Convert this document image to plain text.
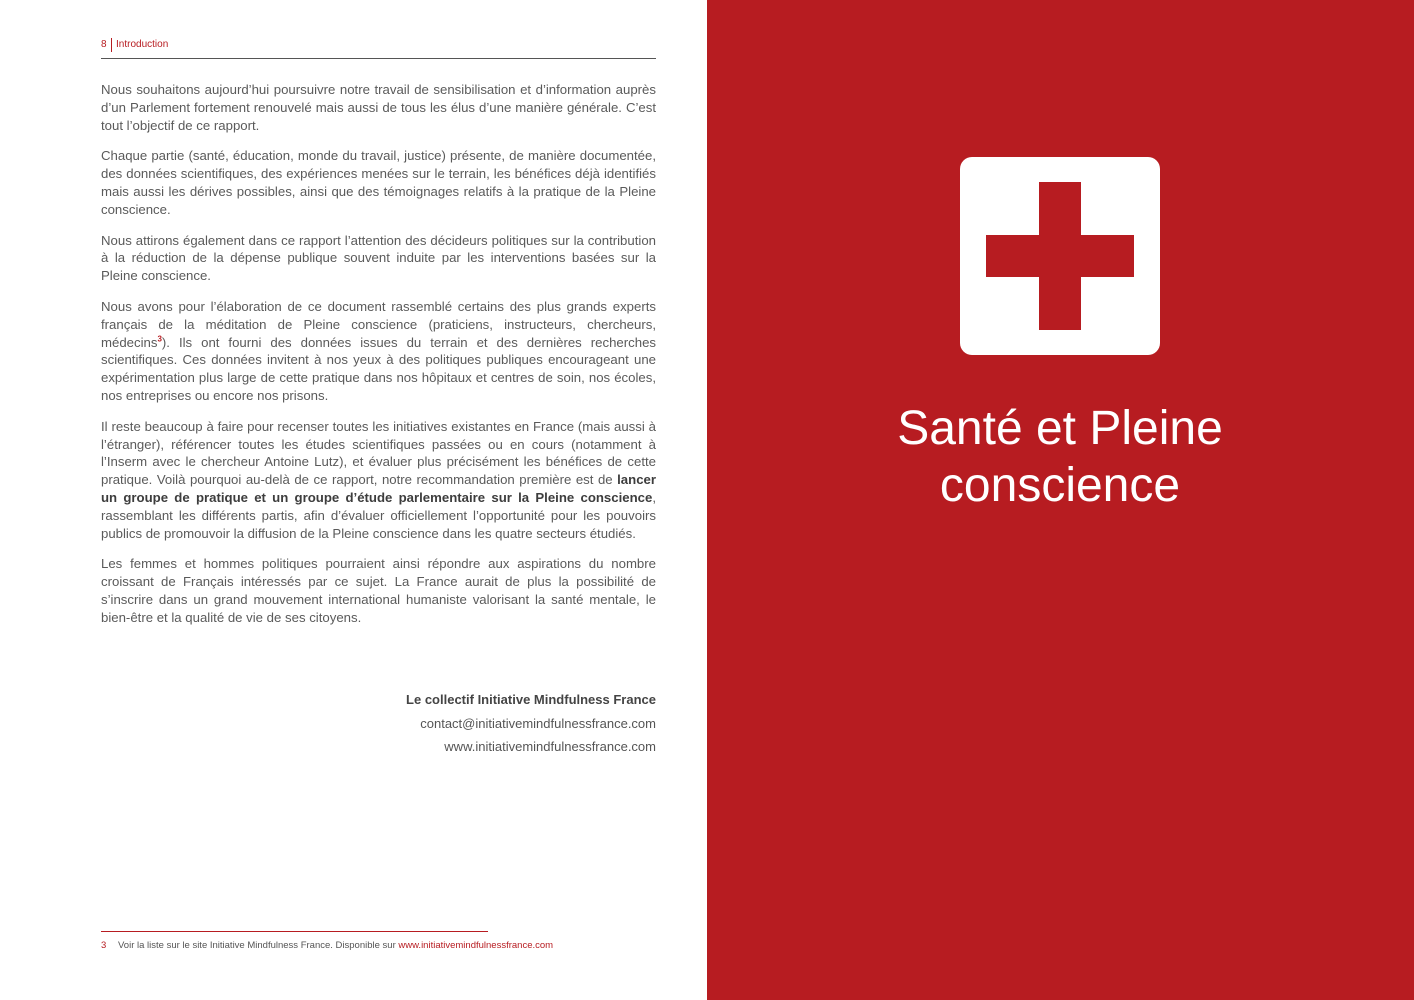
8 Introduction

Nous souhaitons aujourd’hui poursuivre notre travail de sensibilisation et d’information auprès d’un Parlement fortement renouvelé mais aussi de tous les élus d’une manière générale. C’est tout l’objectif de ce rapport.

Chaque partie (santé, éducation, monde du travail, justice) présente, de manière documentée, des données scientifiques, des expériences menées sur le terrain, les bénéfices déjà identifiés mais aussi les dérives possibles, ainsi que des témoignages relatifs à la pratique de la Pleine conscience.

Nous attirons également dans ce rapport l’attention des décideurs politiques sur la contribution à la réduction de la dépense publique souvent induite par les interventions basées sur la Pleine conscience.

Nous avons pour l’élaboration de ce document rassemblé certains des plus grands experts français de la méditation de Pleine conscience (praticiens, instructeurs, chercheurs, médecins$^3$). Ils ont fourni des données issues du terrain et des dernières recherches scientifiques. Ces données invitent à nos yeux à des politiques publiques encourageant une expérimentation plus large de cette pratique dans nos hôpitaux et centres de soin, nos écoles, nos entreprises ou encore nos prisons.

Il reste beaucoup à faire pour recenser toutes les initiatives existantes en France (mais aussi à l’étranger), référencer toutes les études scientifiques passées ou en cours (notamment à l’Inserm avec le chercheur Antoine Lutz), et évaluer plus précisément les bénéfices de cette pratique. Voilà pourquoi au-delà de ce rapport, notre recommandation première est de lancer un groupe de pratique et un groupe d’étude parlementaire sur la Pleine conscience, rassemblant les différents partis, afin d’évaluer officiellement l’opportunité pour les pouvoirs publics de promouvoir la diffusion de la Pleine conscience dans les quatre secteurs étudiés.

Les femmes et hommes politiques pourraient ainsi répondre aux aspirations du nombre croissant de Français intéressés par ce sujet. La France aurait de plus la possibilité de s’inscrire dans un grand mouvement international humaniste valorisant la santé mentale, le bien-être et la qualité de vie de ses citoyens.

Le collectif Initiative Mindfulness France
contact@initiativemindfulnessfrance.com
www.initiativemindfulnessfrance.com
3 Voir la liste sur le site Initiative Mindfulness France. Disponible sur www.initiativemindfulnessfrance.com
Santé et Pleine
conscience
